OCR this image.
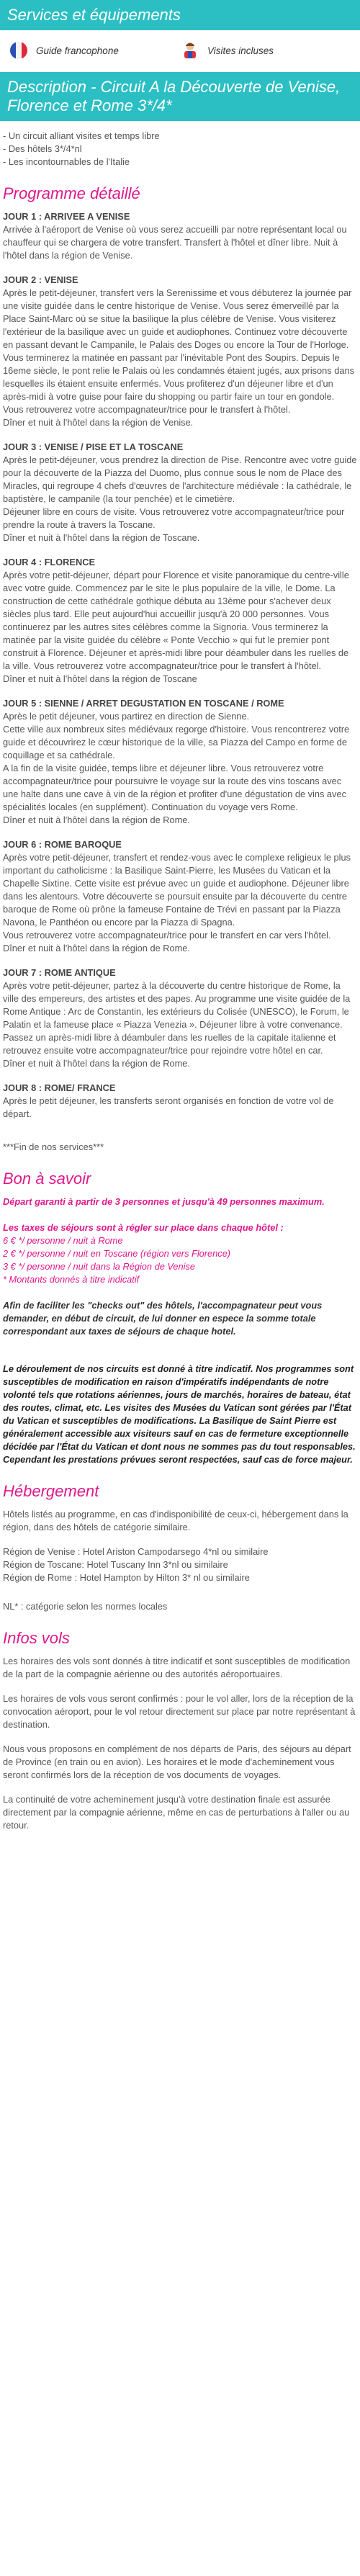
Services et équipements
Guide francophone	Visites incluses
Description - Circuit A la Découverte de Venise, Florence et Rome 3*/4*
- Un circuit alliant visites et temps libre
- Des hôtels 3*/4*nl
- Les incontournables de l'Italie
Programme détaillé
JOUR 1 : ARRIVEE A VENISE
Arrivée à l'aéroport de Venise où vous serez accueilli par notre représentant local ou chauffeur qui se chargera de votre transfert. Transfert à l'hôtel et dîner libre. Nuit à l'hôtel dans la région de Venise.
JOUR 2 : VENISE
Après le petit-déjeuner, transfert vers la Serenissime et vous débuterez la journée par une visite guidée dans le centre historique de Venise. Vous serez émerveillé par la Place Saint-Marc où se situe la basilique la plus célèbre de Venise. Vous visiterez l'extérieur de la basilique avec un guide et audiophones. Continuez votre découverte en passant devant le Campanile, le Palais des Doges ou encore la Tour de l'Horloge. Vous terminerez la matinée en passant par l'inévitable Pont des Soupirs. Depuis le 16eme siècle, le pont relie le Palais où les condamnés étaient jugés, aux prisons dans lesquelles ils étaient ensuite enfermés. Vous profiterez d'un déjeuner libre et d'un après-midi à votre guise pour faire du shopping ou partir faire un tour en gondole. Vous retrouverez votre accompagnateur/trice pour le transfert à l'hôtel.
Dîner et nuit à l'hôtel dans la région de Venise.
JOUR 3 : VENISE / PISE ET LA TOSCANE
Après le petit-déjeuner, vous prendrez la direction de Pise. Rencontre avec votre guide pour la découverte de la Piazza del Duomo, plus connue sous le nom de Place des Miracles, qui regroupe 4 chefs d'œuvres de l'architecture médiévale : la cathédrale, le baptistère, le campanile (la tour penchée) et le cimetière.
Déjeuner libre en cours de visite. Vous retrouverez votre accompagnateur/trice pour prendre la route à travers la Toscane.
Dîner et nuit à l'hôtel dans la région de Toscane.
JOUR 4 : FLORENCE
Après votre petit-déjeuner, départ pour Florence et visite panoramique du centre-ville avec votre guide. Commencez par le site le plus populaire de la ville, le Dome. La construction de cette cathédrale gothique débuta au 13ème pour s'achever deux siècles plus tard. Elle peut aujourd'hui accueillir jusqu'à 20 000 personnes. Vous continuerez par les autres sites célèbres comme la Signoria. Vous terminerez la matinée par la visite guidée du célèbre « Ponte Vecchio » qui fut le premier pont construit à Florence. Déjeuner et après-midi libre pour déambuler dans les ruelles de la ville. Vous retrouverez votre accompagnateur/trice pour le transfert à l'hôtel.
Dîner et nuit à l'hôtel dans la région de Toscane
JOUR 5 : SIENNE / ARRET DEGUSTATION EN TOSCANE / ROME
Après le petit déjeuner, vous partirez en direction de Sienne.
Cette ville aux nombreux sites médiévaux regorge d'histoire. Vous rencontrerez votre guide et découvrirez le cœur historique de la ville, sa Piazza del Campo en forme de coquillage et sa cathédrale.
A la fin de la visite guidée, temps libre et déjeuner libre. Vous retrouverez votre accompagnateur/trice pour poursuivre le voyage sur la route des vins toscans avec une halte dans une cave à vin de la région et profiter d'une dégustation de vins avec spécialités locales (en supplément). Continuation du voyage vers Rome.
Dîner et nuit à l'hôtel dans la région de Rome.
JOUR 6 : ROME BAROQUE
Après votre petit-déjeuner, transfert et rendez-vous avec le complexe religieux le plus important du catholicisme : la Basilique Saint-Pierre, les Musées du Vatican et la Chapelle Sixtine. Cette visite est prévue avec un guide et audiophone. Déjeuner libre dans les alentours. Votre découverte se poursuit ensuite par la découverte du centre baroque de Rome où prône la fameuse Fontaine de Trévi en passant par la Piazza Navona, le Panthéon ou encore par la Piazza di Spagna.
Vous retrouverez votre accompagnateur/trice pour le transfert en car vers l'hôtel.
Dîner et nuit à l'hôtel dans la région de Rome.
JOUR 7 : ROME ANTIQUE
Après votre petit-déjeuner, partez à la découverte du centre historique de Rome, la ville des empereurs, des artistes et des papes. Au programme une visite guidée de la Rome Antique : Arc de Constantin, les extérieurs du Colisée (UNESCO), le Forum, le Palatin et la fameuse place « Piazza Venezia ». Déjeuner libre à votre convenance.
Passez un après-midi libre à déambuler dans les ruelles de la capitale italienne et retrouvez ensuite votre accompagnateur/trice pour rejoindre votre hôtel en car.
Dîner et nuit à l'hôtel dans la région de Rome.
JOUR 8 : ROME/ FRANCE
Après le petit déjeuner, les transferts seront organisés en fonction de votre vol de départ.
***Fin de nos services***
Bon à savoir
Départ garanti à partir de 3 personnes et jusqu'à 49 personnes maximum.
Les taxes de séjours sont à régler sur place dans chaque hôtel :
6 € */ personne / nuit à Rome
2 € */ personne / nuit en Toscane (région vers Florence)
3 € */ personne / nuit dans la Région de Venise
* Montants donnés à titre indicatif
Afin de faciliter les "checks out" des hôtels, l'accompagnateur peut vous demander, en début de circuit, de lui donner en espece la somme totale correspondant aux taxes de séjours de chaque hotel.
Le déroulement de nos circuits est donné à titre indicatif. Nos programmes sont susceptibles de modification en raison d'impératifs indépendants de notre volonté tels que rotations aériennes, jours de marchés, horaires de bateau, état des routes, climat, etc. Les visites des Musées du Vatican sont gérées par l'État du Vatican et susceptibles de modifications. La Basilique de Saint Pierre est généralement accessible aux visiteurs sauf en cas de fermeture exceptionnelle décidée par l'État du Vatican et dont nous ne sommes pas du tout responsables. Cependant les prestations prévues seront respectées, sauf cas de force majeur.
Hébergement

Hôtels listés au programme, en cas d'indisponibilité de ceux-ci, hébergement dans la région, dans des hôtels de catégorie similaire.

Région de Venise : Hotel Ariston Campodarsego 4*nl ou similaire
Région de Toscane: Hotel Tuscany Inn 3*nl ou similaire
Région de Rome : Hotel Hampton by Hilton 3* nl ou similaire
NL* : catégorie selon les normes locales
Infos vols

Les horaires des vols sont donnés à titre indicatif et sont susceptibles de modification de la part de la compagnie aérienne ou des autorités aéroportuaires.

Les horaires de vols vous seront confirmés : pour le vol aller, lors de la réception de la convocation aéroport, pour le vol retour directement sur place par notre représentant à destination.

Nous vous proposons en complément de nos départs de Paris, des séjours au départ de Province (en train ou en avion). Les horaires et le mode d'acheminement vous seront confirmés lors de la réception de vos documents de voyages.

La continuité de votre acheminement jusqu'à votre destination finale est assurée directement par la compagnie aérienne, même en cas de perturbations à l'aller ou au retour.
